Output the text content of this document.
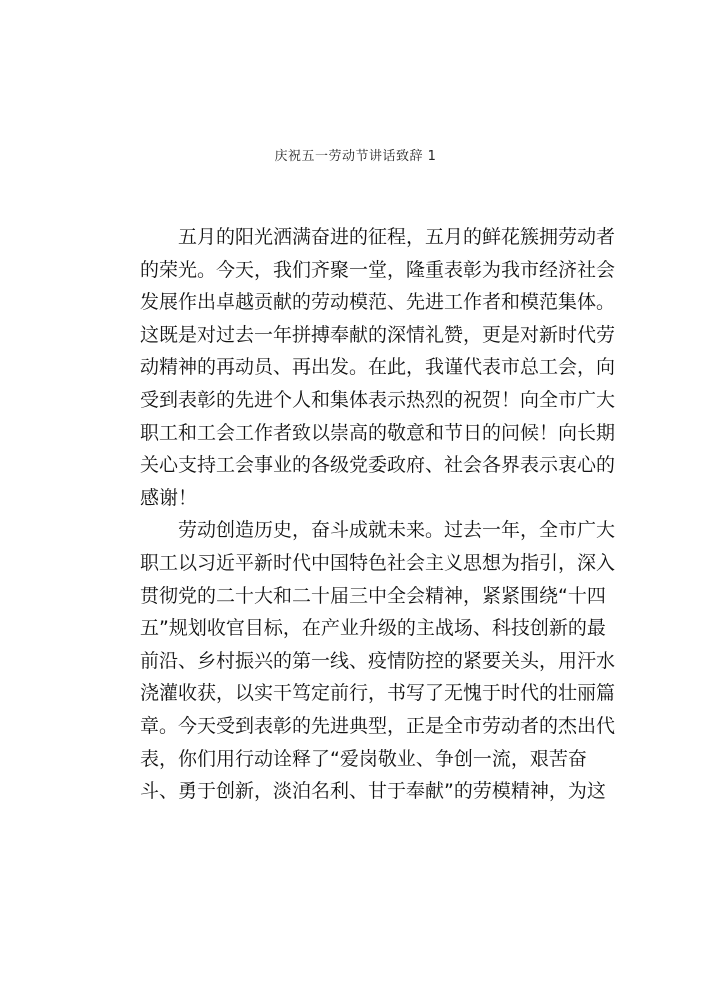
庆祝五一劳动节讲话致辞 1
五月的阳光洒满奋进的征程，五月的鲜花簇拥劳动者
的荣光。今天，我们齐聚一堂，隆重表彰为我市经济社会
发展作出卓越贡献的劳动模范、先进工作者和模范集体。
这既是对过去一年拼搏奉献的深情礼赞，更是对新时代劳
动精神的再动员、再出发。在此，我谨代表市总工会，向
受到表彰的先进个人和集体表示热烈的祝贺！向全市广大
职工和工会工作者致以崇高的敬意和节日的问候！向长期
关心支持工会事业的各级党委政府、社会各界表示衷心的
感谢！
劳动创造历史，奋斗成就未来。过去一年，全市广大
职工以习近平新时代中国特色社会主义思想为指引，深入
贯彻党的二十大和二十届三中全会精神，紧紧围绕“十四
五”规划收官目标，在产业升级的主战场、科技创新的最
前沿、乡村振兴的第一线、疫情防控的紧要关头，用汗水
浇灌收获，以实干笃定前行，书写了无愧于时代的壮丽篇
章。今天受到表彰的先进典型，正是全市劳动者的杰出代
表，你们用行动诠释了“爱岗敬业、争创一流，艰苦奋
斗、勇于创新，淡泊名利、甘于奉献”的劳模精神，为这
